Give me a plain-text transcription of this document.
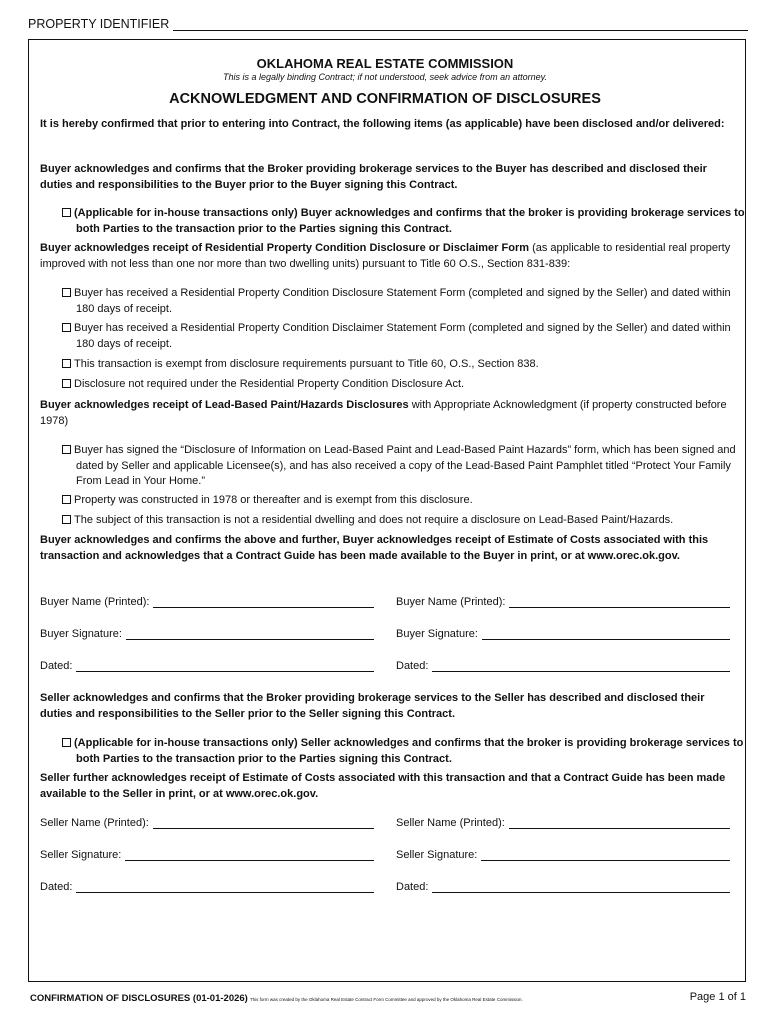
PROPERTY IDENTIFIER
OKLAHOMA REAL ESTATE COMMISSION
This is a legally binding Contract; if not understood, seek advice from an attorney.
ACKNOWLEDGMENT AND CONFIRMATION OF DISCLOSURES
It is hereby confirmed that prior to entering into Contract, the following items (as applicable) have been disclosed and/or delivered:
Buyer acknowledges and confirms that the Broker providing brokerage services to the Buyer has described and disclosed their duties and responsibilities to the Buyer prior to the Buyer signing this Contract.
(Applicable for in-house transactions only) Buyer acknowledges and confirms that the broker is providing brokerage services to both Parties to the transaction prior to the Parties signing this Contract.
Buyer acknowledges receipt of Residential Property Condition Disclosure or Disclaimer Form (as applicable to residential real property improved with not less than one nor more than two dwelling units) pursuant to Title 60 O.S., Section 831-839:
Buyer has received a Residential Property Condition Disclosure Statement Form (completed and signed by the Seller) and dated within 180 days of receipt.
Buyer has received a Residential Property Condition Disclaimer Statement Form (completed and signed by the Seller) and dated within 180 days of receipt.
This transaction is exempt from disclosure requirements pursuant to Title 60, O.S., Section 838.
Disclosure not required under the Residential Property Condition Disclosure Act.
Buyer acknowledges receipt of Lead-Based Paint/Hazards Disclosures with Appropriate Acknowledgment (if property constructed before 1978)
Buyer has signed the “Disclosure of Information on Lead-Based Paint and Lead-Based Paint Hazards” form, which has been signed and dated by Seller and applicable Licensee(s), and has also received a copy of the Lead-Based Paint Pamphlet titled “Protect Your Family From Lead in Your Home.”
Property was constructed in 1978 or thereafter and is exempt from this disclosure.
The subject of this transaction is not a residential dwelling and does not require a disclosure on Lead-Based Paint/Hazards.
Buyer acknowledges and confirms the above and further, Buyer acknowledges receipt of Estimate of Costs associated with this transaction and acknowledges that a Contract Guide has been made available to the Buyer in print, or at www.orec.ok.gov.
Buyer Name (Printed):	Buyer Name (Printed):
Buyer Signature:	Buyer Signature:
Dated:	Dated:
Seller acknowledges and confirms that the Broker providing brokerage services to the Seller has described and disclosed their duties and responsibilities to the Seller prior to the Seller signing this Contract.
(Applicable for in-house transactions only) Seller acknowledges and confirms that the broker is providing brokerage services to both Parties to the transaction prior to the Parties signing this Contract.
Seller further acknowledges receipt of Estimate of Costs associated with this transaction and that a Contract Guide has been made available to the Seller in print, or at www.orec.ok.gov.
Seller Name (Printed):	Seller Name (Printed):
Seller Signature:	Seller Signature:
Dated:	Dated:
CONFIRMATION OF DISCLOSURES (01-01-2026) This form was created by the Oklahoma Real Estate Contract Form Committee and approved by the Oklahoma Real Estate Commission.	Page 1 of 1
